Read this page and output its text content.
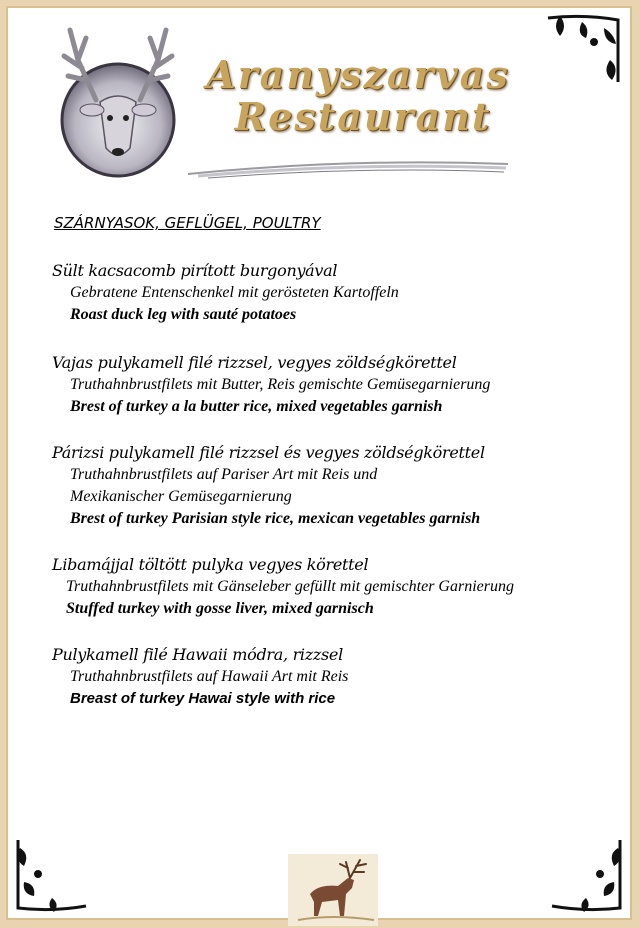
Aranyszarvas
Restaurant
SZÁRNYASOK, GEFLÜGEL, POULTRY
Sült kacsacomb pirított burgonyával
Gebratene Entenschenkel mit gerösteten Kartoffeln
Roast duck leg with sauté potatoes
Vajas pulykamell filé rizzsel, vegyes zöldségkörettel
Truthahnbrustfilets mit Butter, Reis gemischte Gemüsegarnierung
Brest of turkey a la butter rice, mixed vegetables garnish
Párizsi pulykamell filé rizzsel és vegyes zöldségkörettel
Truthahnbrustfilets auf Pariser Art mit Reis und
Mexikanischer Gemüsegarnierung
Brest of turkey Parisian style rice, mexican vegetables garnish
Libamájjal töltött pulyka vegyes körettel
Truthahnbrustfilets mit Gänseleber gefüllt mit gemischter Garnierung
Stuffed turkey with gosse liver, mixed garnisch
Pulykamell filé Hawaii módra, rizzsel
Truthahnbrustfilets auf Hawaii Art mit Reis
Breast of turkey Hawai style with rice
